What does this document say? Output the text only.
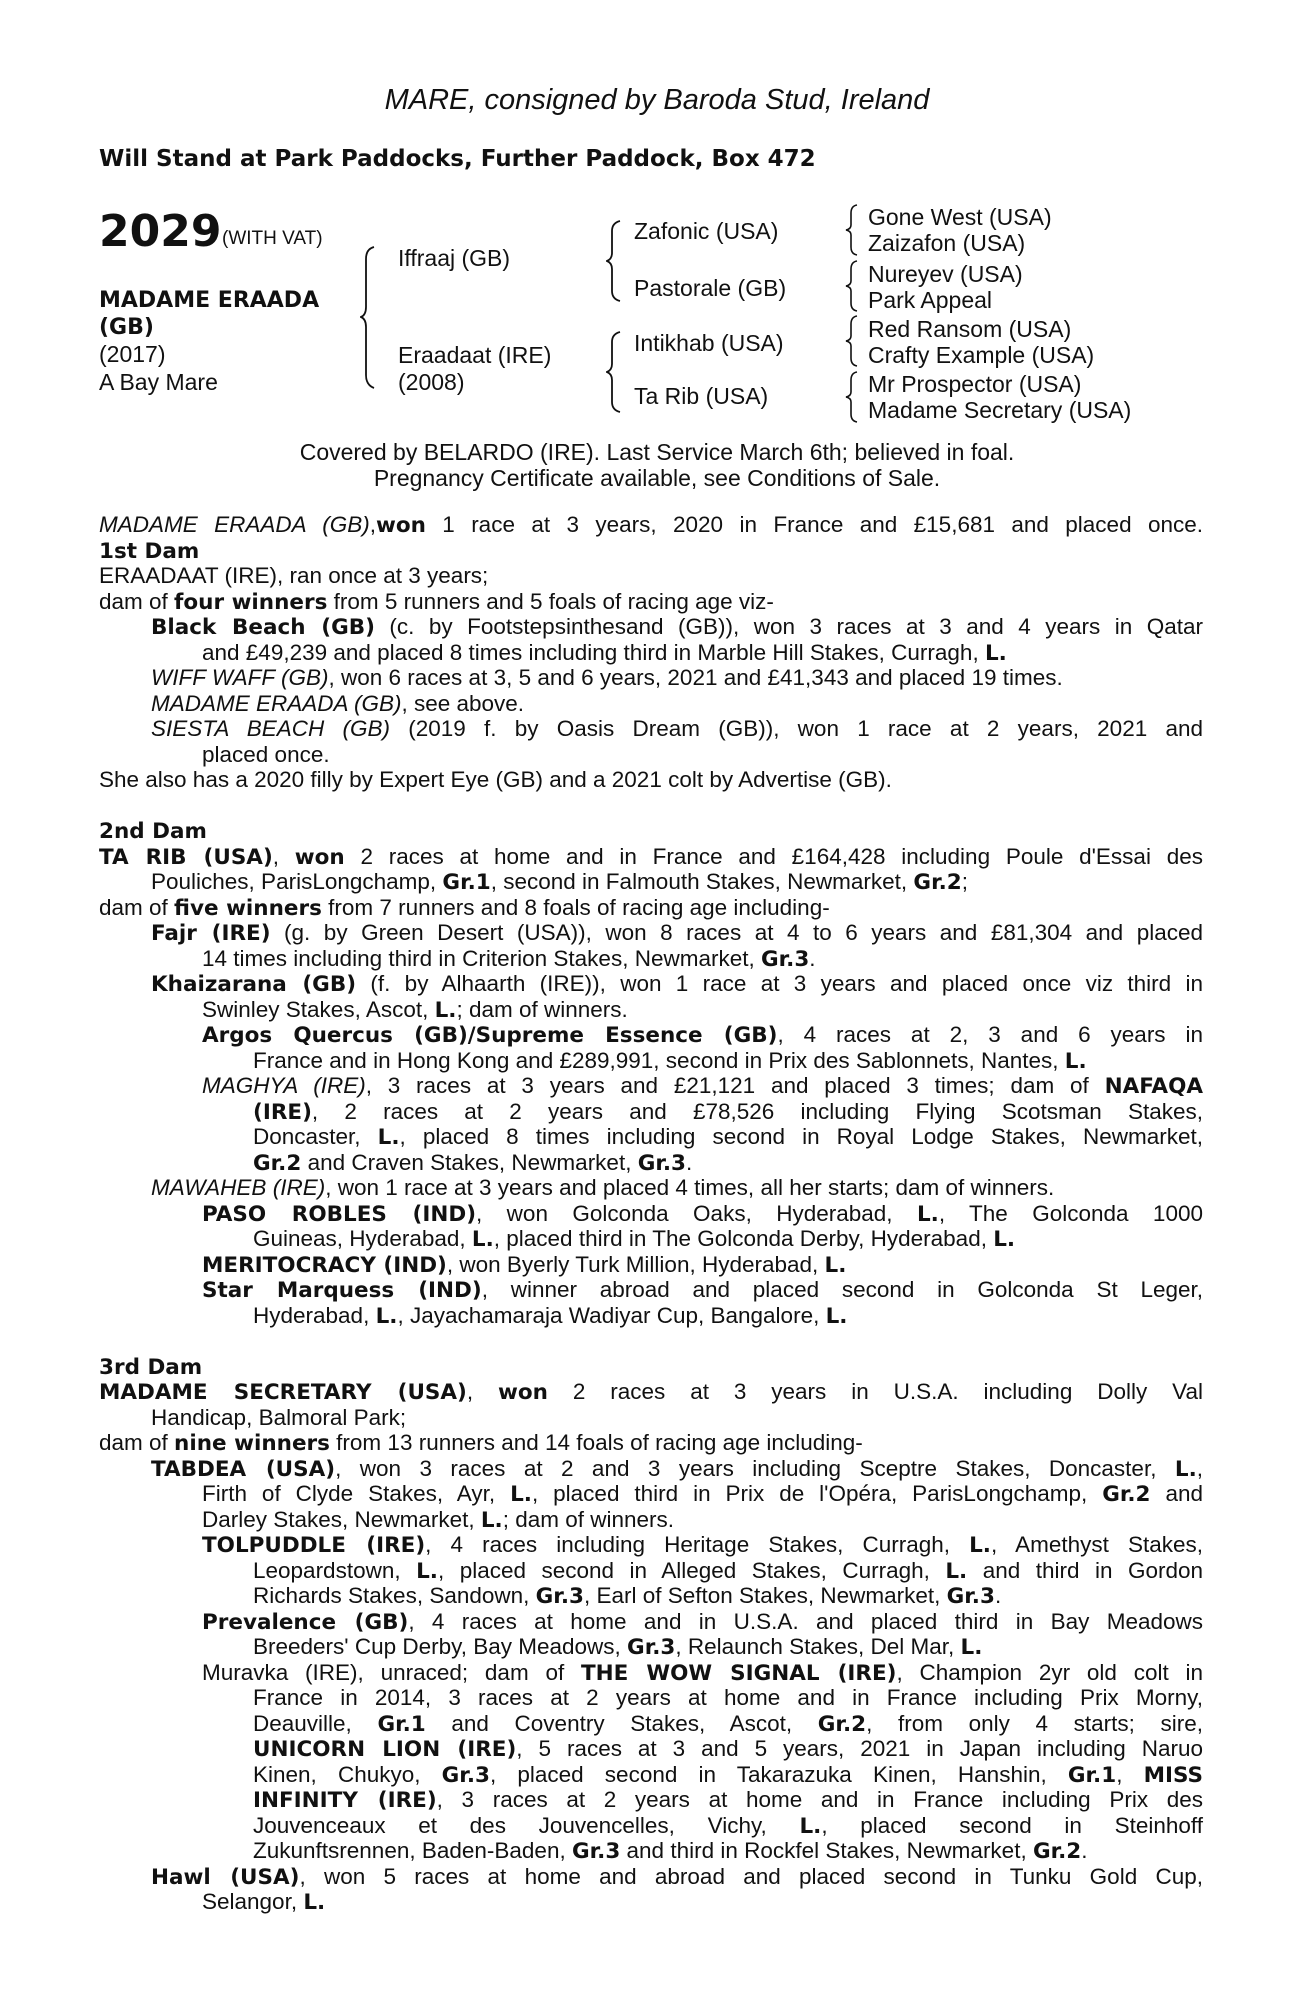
MARE, consigned by Baroda Stud, Ireland
Will Stand at Park Paddocks, Further Paddock, Box 472
2029 (WITH VAT)
MADAME ERAADA
(GB)
(2017)
A Bay Mare
Iffraaj (GB)
Eraadaat (IRE)
(2008)
Zafonic (USA)
Pastorale (GB)
Intikhab (USA)
Ta Rib (USA)
Gone West (USA)
Zaizafon (USA)
Nureyev (USA)
Park Appeal
Red Ransom (USA)
Crafty Example (USA)
Mr Prospector (USA)
Madame Secretary (USA)
Covered by BELARDO (IRE). Last Service March 6th; believed in foal.
Pregnancy Certificate available, see Conditions of Sale.
MADAME ERAADA (GB),won 1 race at 3 years, 2020 in France and £15,681 and placed once.
1st Dam
ERAADAAT (IRE), ran once at 3 years;
dam of four winners from 5 runners and 5 foals of racing age viz-
Black Beach (GB) (c. by Footstepsinthesand (GB)), won 3 races at 3 and 4 years in Qatar
and £49,239 and placed 8 times including third in Marble Hill Stakes, Curragh, L.
WIFF WAFF (GB), won 6 races at 3, 5 and 6 years, 2021 and £41,343 and placed 19 times.
MADAME ERAADA (GB), see above.
SIESTA BEACH (GB) (2019 f. by Oasis Dream (GB)), won 1 race at 2 years, 2021 and
placed once.
She also has a 2020 filly by Expert Eye (GB) and a 2021 colt by Advertise (GB).
2nd Dam
TA RIB (USA), won 2 races at home and in France and £164,428 including Poule d'Essai des
Pouliches, ParisLongchamp, Gr.1, second in Falmouth Stakes, Newmarket, Gr.2;
dam of five winners from 7 runners and 8 foals of racing age including-
Fajr (IRE) (g. by Green Desert (USA)), won 8 races at 4 to 6 years and £81,304 and placed
14 times including third in Criterion Stakes, Newmarket, Gr.3.
Khaizarana (GB) (f. by Alhaarth (IRE)), won 1 race at 3 years and placed once viz third in
Swinley Stakes, Ascot, L.; dam of winners.
Argos Quercus (GB)/Supreme Essence (GB), 4 races at 2, 3 and 6 years in
France and in Hong Kong and £289,991, second in Prix des Sablonnets, Nantes, L.
MAGHYA (IRE), 3 races at 3 years and £21,121 and placed 3 times; dam of NAFAQA
(IRE), 2 races at 2 years and £78,526 including Flying Scotsman Stakes,
Doncaster, L., placed 8 times including second in Royal Lodge Stakes, Newmarket,
Gr.2 and Craven Stakes, Newmarket, Gr.3.
MAWAHEB (IRE), won 1 race at 3 years and placed 4 times, all her starts; dam of winners.
PASO ROBLES (IND), won Golconda Oaks, Hyderabad, L., The Golconda 1000
Guineas, Hyderabad, L., placed third in The Golconda Derby, Hyderabad, L.
MERITOCRACY (IND), won Byerly Turk Million, Hyderabad, L.
Star Marquess (IND), winner abroad and placed second in Golconda St Leger,
Hyderabad, L., Jayachamaraja Wadiyar Cup, Bangalore, L.
3rd Dam
MADAME SECRETARY (USA), won 2 races at 3 years in U.S.A. including Dolly Val
Handicap, Balmoral Park;
dam of nine winners from 13 runners and 14 foals of racing age including-
TABDEA (USA), won 3 races at 2 and 3 years including Sceptre Stakes, Doncaster, L.,
Firth of Clyde Stakes, Ayr, L., placed third in Prix de l'Opéra, ParisLongchamp, Gr.2 and
Darley Stakes, Newmarket, L.; dam of winners.
TOLPUDDLE (IRE), 4 races including Heritage Stakes, Curragh, L., Amethyst Stakes,
Leopardstown, L., placed second in Alleged Stakes, Curragh, L. and third in Gordon
Richards Stakes, Sandown, Gr.3, Earl of Sefton Stakes, Newmarket, Gr.3.
Prevalence (GB), 4 races at home and in U.S.A. and placed third in Bay Meadows
Breeders' Cup Derby, Bay Meadows, Gr.3, Relaunch Stakes, Del Mar, L.
Muravka (IRE), unraced; dam of THE WOW SIGNAL (IRE), Champion 2yr old colt in
France in 2014, 3 races at 2 years at home and in France including Prix Morny,
Deauville, Gr.1 and Coventry Stakes, Ascot, Gr.2, from only 4 starts; sire,
UNICORN LION (IRE), 5 races at 3 and 5 years, 2021 in Japan including Naruo
Kinen, Chukyo, Gr.3, placed second in Takarazuka Kinen, Hanshin, Gr.1, MISS
INFINITY (IRE), 3 races at 2 years at home and in France including Prix des
Jouvenceaux et des Jouvencelles, Vichy, L., placed second in Steinhoff
Zukunftsrennen, Baden-Baden, Gr.3 and third in Rockfel Stakes, Newmarket, Gr.2.
Hawl (USA), won 5 races at home and abroad and placed second in Tunku Gold Cup,
Selangor, L.
